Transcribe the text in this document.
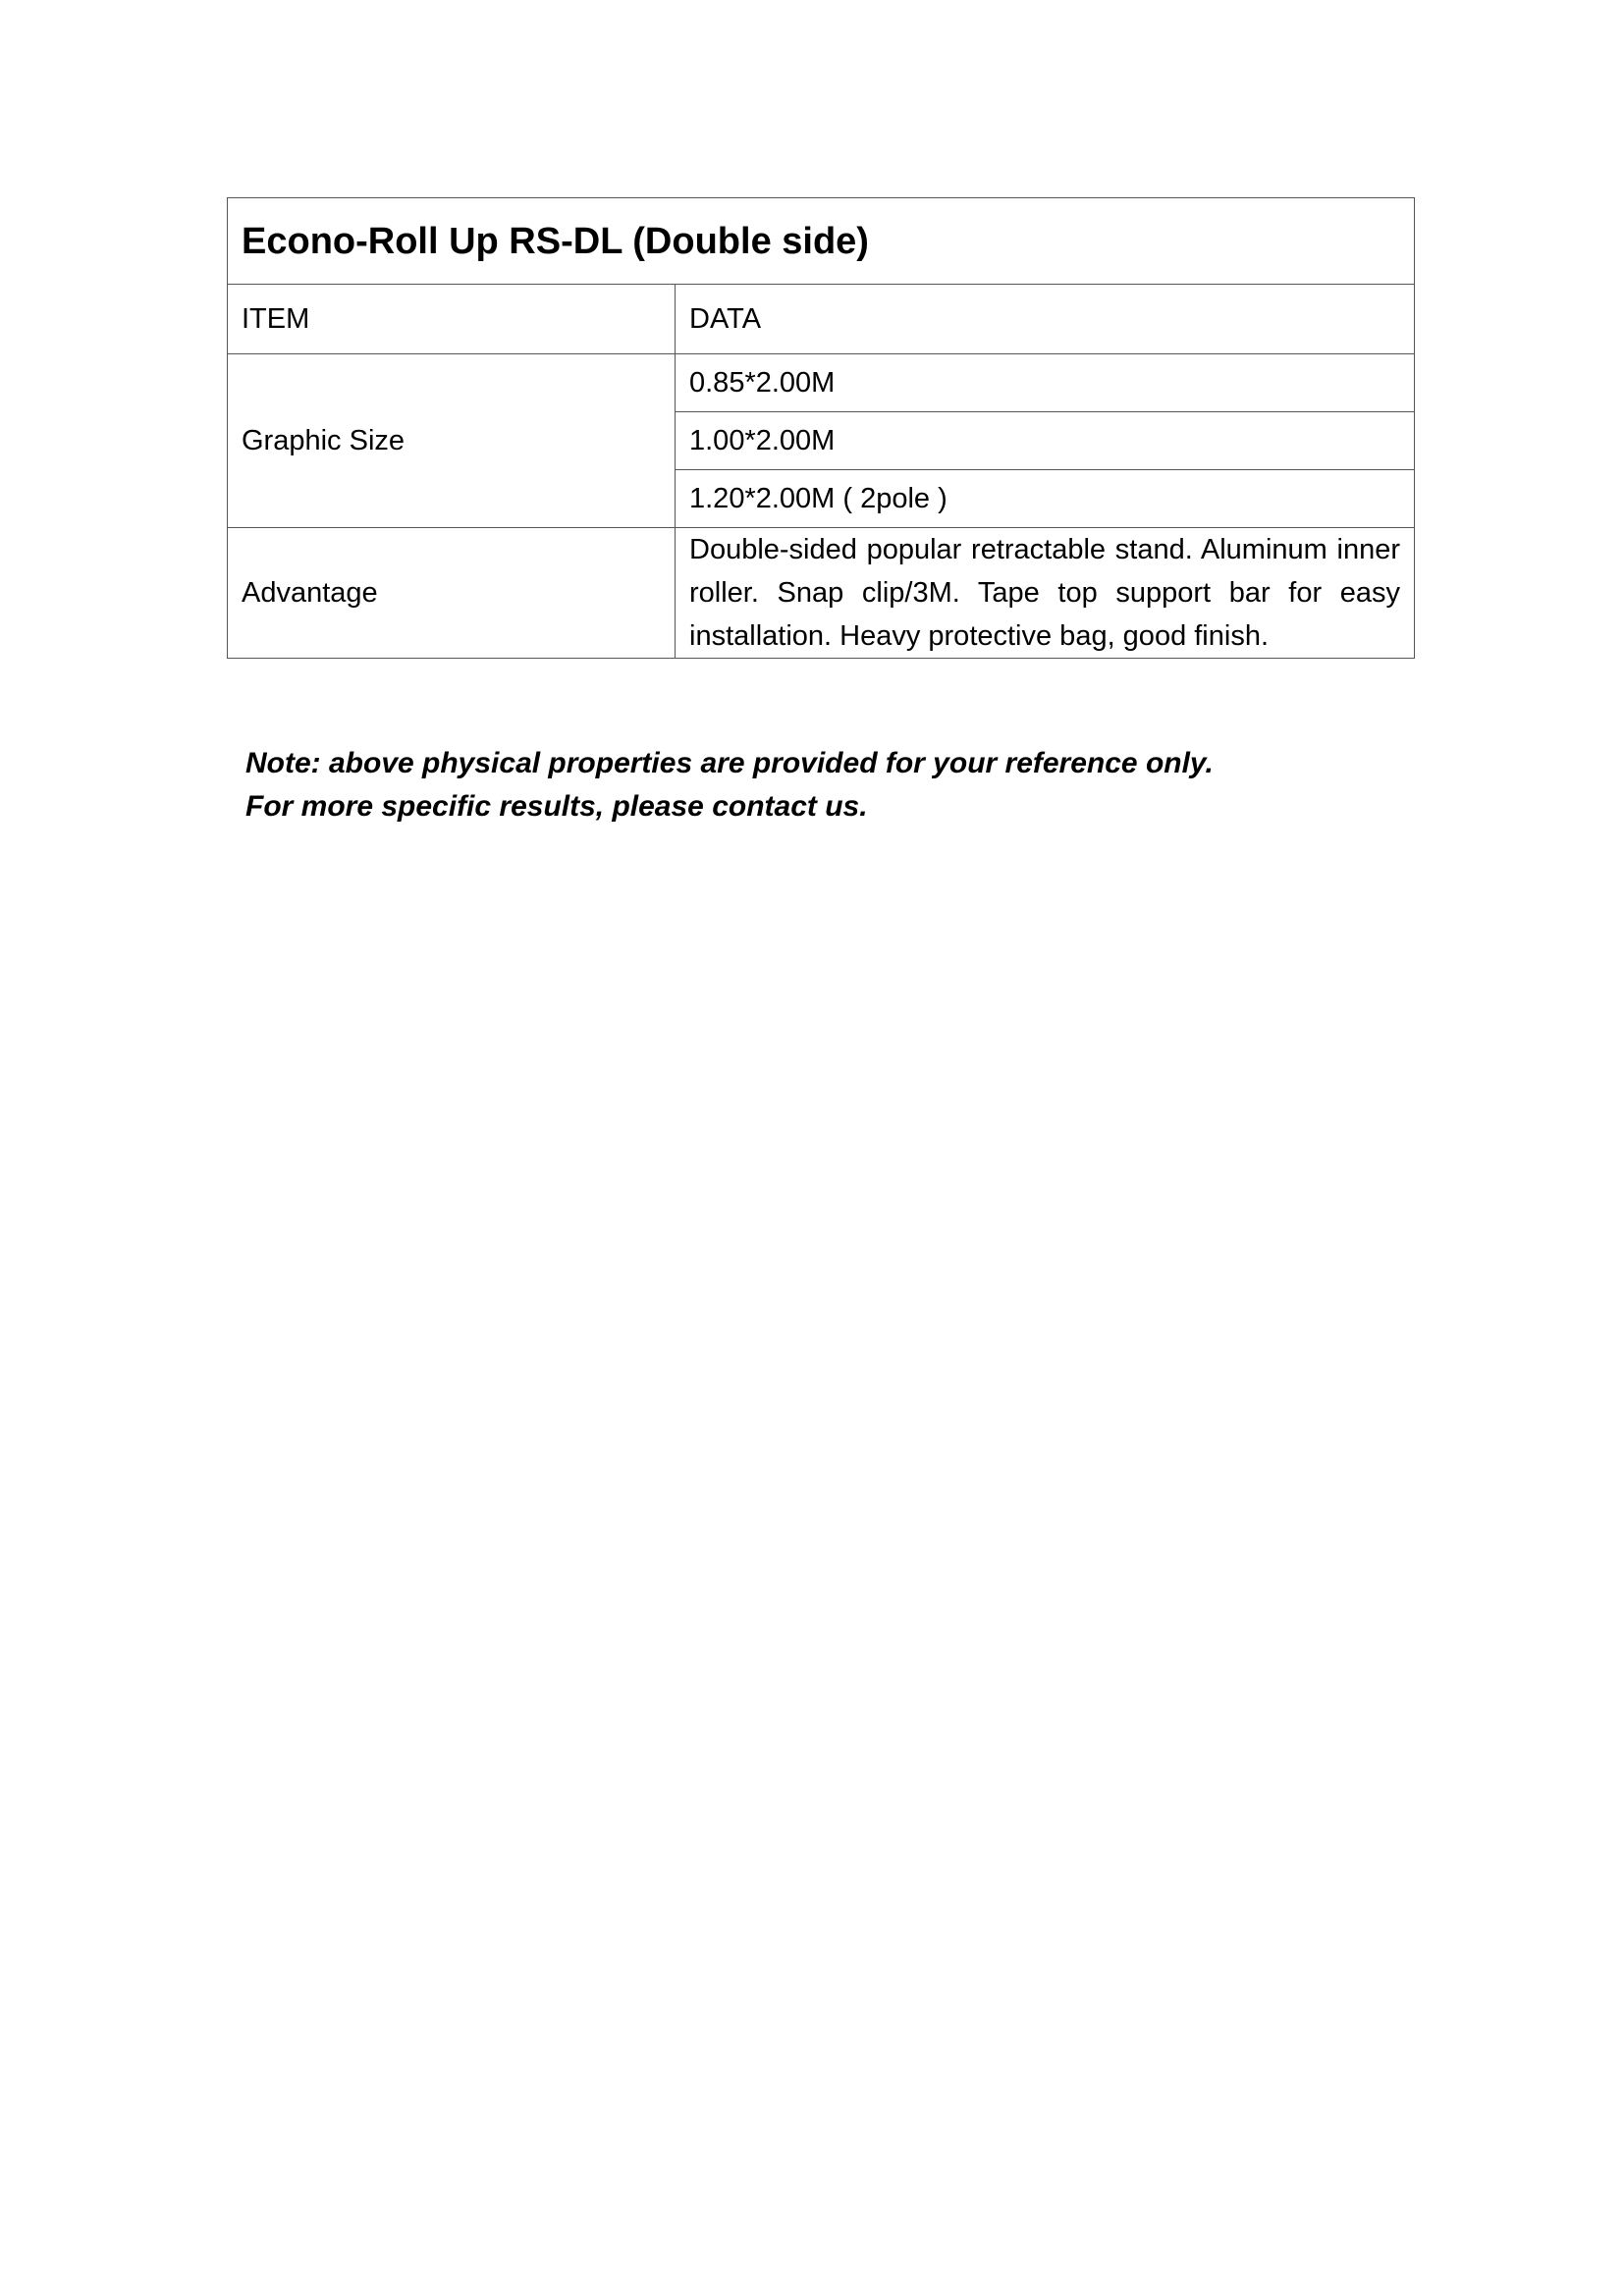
Econo-Roll Up RS-DL (Double side)	
ITEM	DATA
Graphic Size	0.85*2.00M
	1.00*2.00M
	1.20*2.00M ( 2pole )
Advantage	Double-sided popular retractable stand. Aluminum inner roller. Snap clip/3M. Tape top support bar for easy installation. Heavy protective bag, good finish.
Note: above physical properties are provided for your reference only.
For more specific results, please contact us.
